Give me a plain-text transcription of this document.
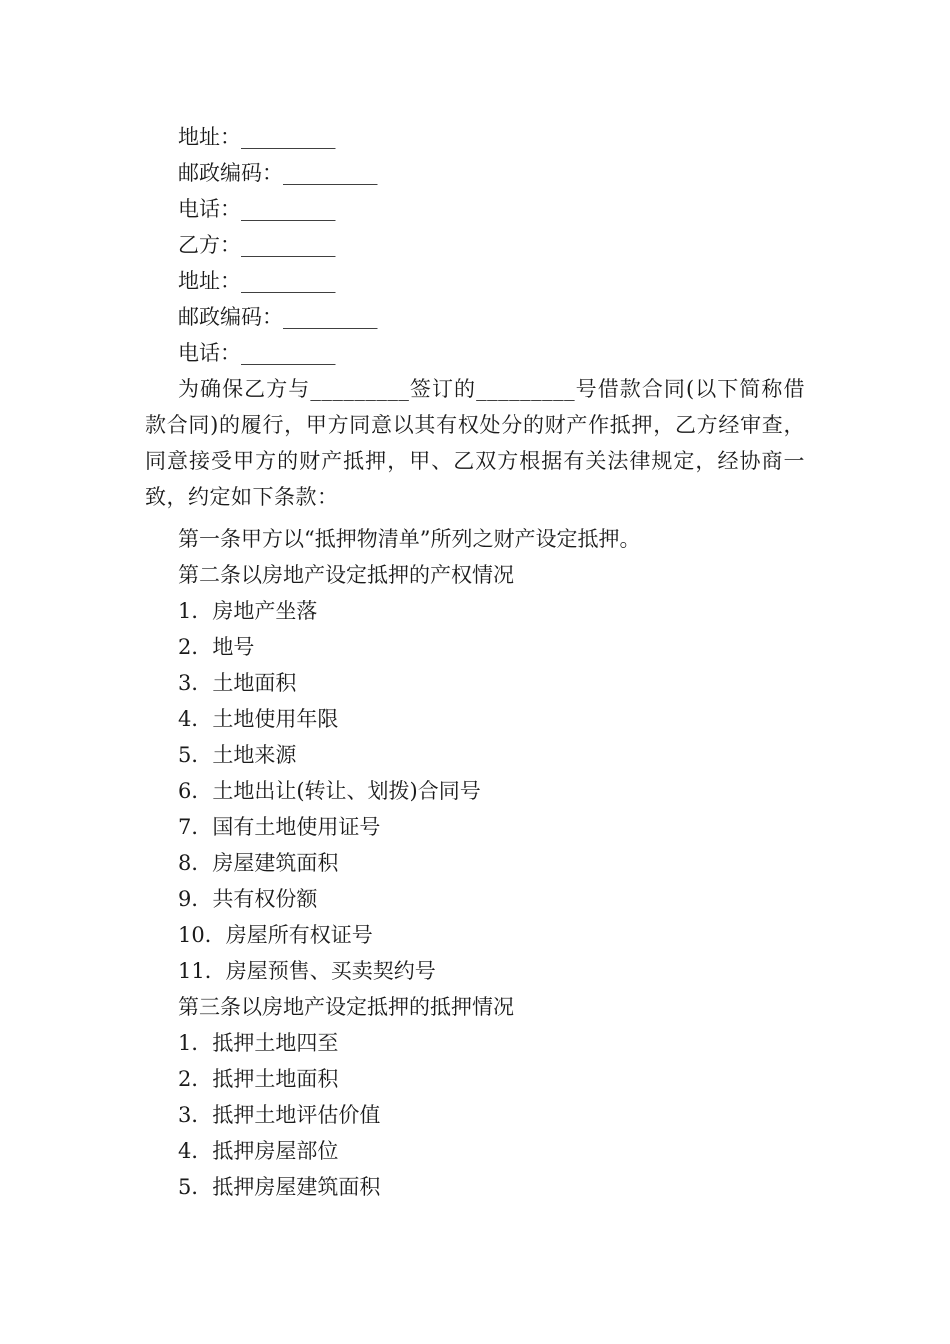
地址：_________
邮政编码：_________
电话：_________
乙方：_________
地址：_________
邮政编码：_________
电话：_________
为确保乙方与_________签订的_________号借款合同(以下简称借款合同)的履行，甲方同意以其有权处分的财产作抵押，乙方经审查，同意接受甲方的财产抵押，甲、乙双方根据有关法律规定，经协商一致，约定如下条款：
第一条甲方以“抵押物清单”所列之财产设定抵押。
第二条以房地产设定抵押的产权情况
1．房地产坐落
2．地号
3．土地面积
4．土地使用年限
5．土地来源
6．土地出让(转让、划拨)合同号
7．国有土地使用证号
8．房屋建筑面积
9．共有权份额
10．房屋所有权证号
11．房屋预售、买卖契约号
第三条以房地产设定抵押的抵押情况
1．抵押土地四至
2．抵押土地面积
3．抵押土地评估价值
4．抵押房屋部位
5．抵押房屋建筑面积
